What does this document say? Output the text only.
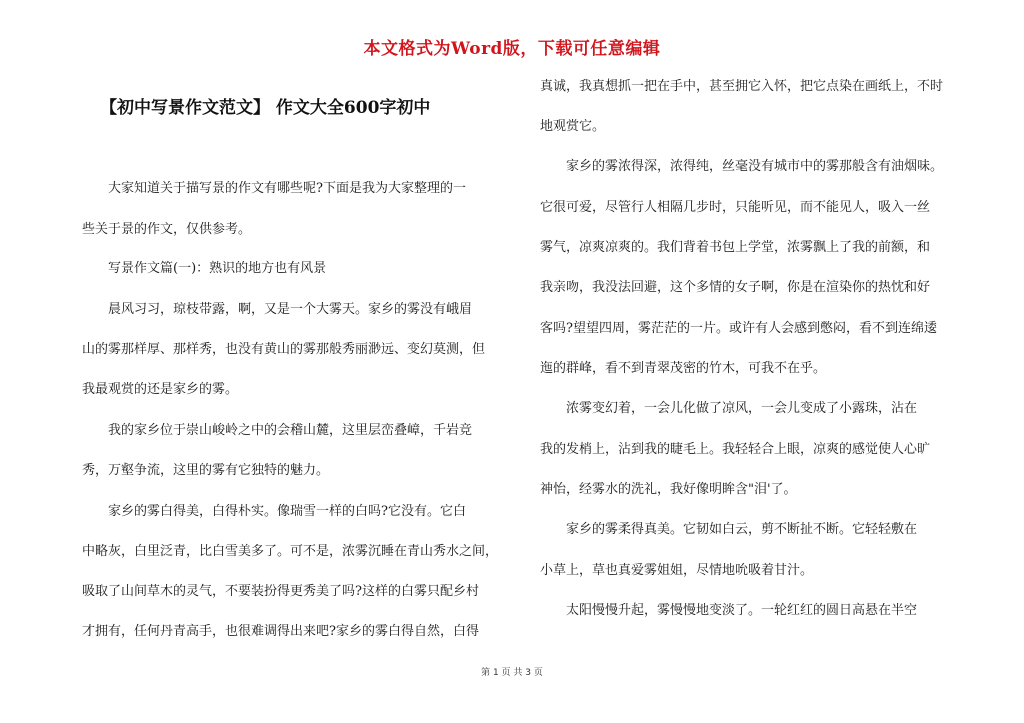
本文格式为Word版，下载可任意编辑
【初中写景作文范文】 作文大全600字初中

　　大家知道关于描写景的作文有哪些呢?下面是我为大家整理的一

些关于景的作文，仅供参考。

　　写景作文篇(一)：熟识的地方也有风景

　　晨风习习，琼枝带露，啊，又是一个大雾天。家乡的雾没有峨眉

山的雾那样厚、那样秀，也没有黄山的雾那般秀丽渺远、变幻莫测，但

我最观赏的还是家乡的雾。

　　我的家乡位于崇山峻岭之中的会稽山麓，这里层峦叠嶂，千岩竞

秀，万壑争流，这里的雾有它独特的魅力。

　　家乡的雾白得美，白得朴实。像瑞雪一样的白吗?它没有。它白

中略灰，白里泛青，比白雪美多了。可不是，浓雾沉睡在青山秀水之间，

吸取了山间草木的灵气，不要装扮得更秀美了吗?这样的白雾只配乡村

才拥有，任何丹青高手，也很难调得出来吧?家乡的雾白得自然，白得

真诚，我真想抓一把在手中，甚至拥它入怀，把它点染在画纸上，不时

地观赏它。

　　家乡的雾浓得深，浓得纯，丝毫没有城市中的雾那般含有油烟味。

它很可爱，尽管行人相隔几步时，只能听见，而不能见人，吸入一丝

雾气，凉爽凉爽的。我们背着书包上学堂，浓雾飘上了我的前额，和

我亲吻，我没法回避，这个多情的女子啊，你是在渲染你的热忱和好

客吗?望望四周，雾茫茫的一片。或许有人会感到憋闷，看不到连绵逶

迤的群峰，看不到青翠茂密的竹木，可我不在乎。

　　浓雾变幻着，一会儿化做了凉风，一会儿变成了小露珠，沾在

我的发梢上，沾到我的睫毛上。我轻轻合上眼，凉爽的感觉使人心旷

神怡，经雾水的洗礼，我好像明眸含"泪'了。

　　家乡的雾柔得真美。它韧如白云，剪不断扯不断。它轻轻敷在

小草上，草也真爱雾姐姐，尽情地吮吸着甘汁。

　　太阳慢慢升起，雾慢慢地变淡了。一轮红红的圆日高悬在半空

第 1 页 共 3 页
